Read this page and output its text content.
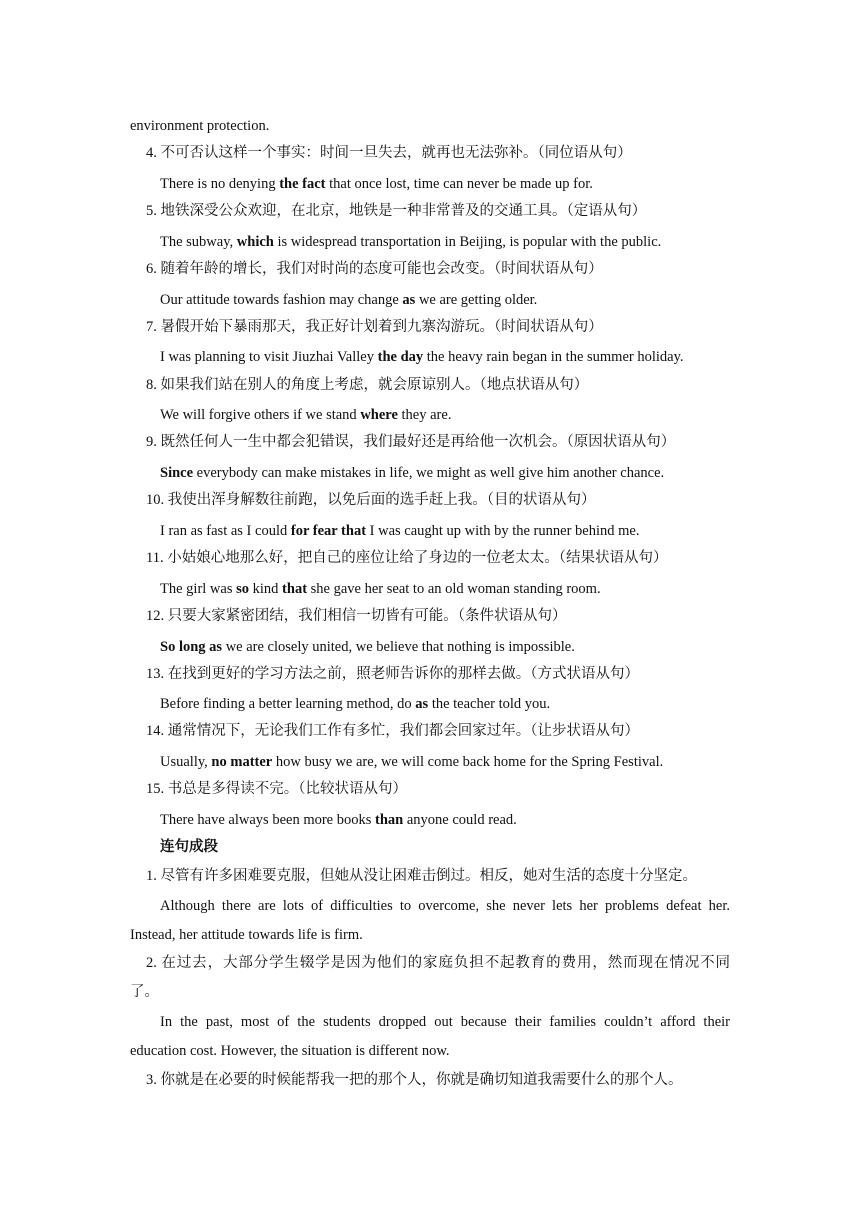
environment protection.
4. 不可否认这样一个事实：时间一旦失去，就再也无法弥补。（同位语从句）
There is no denying the fact that once lost, time can never be made up for.
5. 地铁深受公众欢迎，在北京，地铁是一种非常普及的交通工具。（定语从句）
The subway, which is widespread transportation in Beijing, is popular with the public.
6. 随着年龄的增长，我们对时尚的态度可能也会改变。（时间状语从句）
Our attitude towards fashion may change as we are getting older.
7. 暑假开始下暴雨那天，我正好计划着到九寨沟游玩。（时间状语从句）
I was planning to visit Jiuzhai Valley the day the heavy rain began in the summer holiday.
8. 如果我们站在别人的角度上考虑，就会原谅别人。（地点状语从句）
We will forgive others if we stand where they are.
9. 既然任何人一生中都会犯错误，我们最好还是再给他一次机会。（原因状语从句）
Since everybody can make mistakes in life, we might as well give him another chance.
10. 我使出浑身解数往前跑，以免后面的选手赶上我。（目的状语从句）
I ran as fast as I could for fear that I was caught up with by the runner behind me.
11. 小姑娘心地那么好，把自己的座位让给了身边的一位老太太。（结果状语从句）
The girl was so kind that she gave her seat to an old woman standing room.
12. 只要大家紧密团结，我们相信一切皆有可能。（条件状语从句）
So long as we are closely united, we believe that nothing is impossible.
13. 在找到更好的学习方法之前，照老师告诉你的那样去做。（方式状语从句）
Before finding a better learning method, do as the teacher told you.
14. 通常情况下，无论我们工作有多忙，我们都会回家过年。（让步状语从句）
Usually, no matter how busy we are, we will come back home for the Spring Festival.
15. 书总是多得读不完。（比较状语从句）
There have always been more books than anyone could read.
连句成段
1. 尽管有许多困难要克服，但她从没让困难击倒过。相反，她对生活的态度十分坚定。
Although there are lots of difficulties to overcome, she never lets her problems defeat her.
Instead, her attitude towards life is firm.
2. 在过去，大部分学生辍学是因为他们的家庭负担不起教育的费用，然而现在情况不同
了。
In the past, most of the students dropped out because their families couldn’t afford their
education cost. However, the situation is different now.
3. 你就是在必要的时候能帮我一把的那个人，你就是确切知道我需要什么的那个人。
